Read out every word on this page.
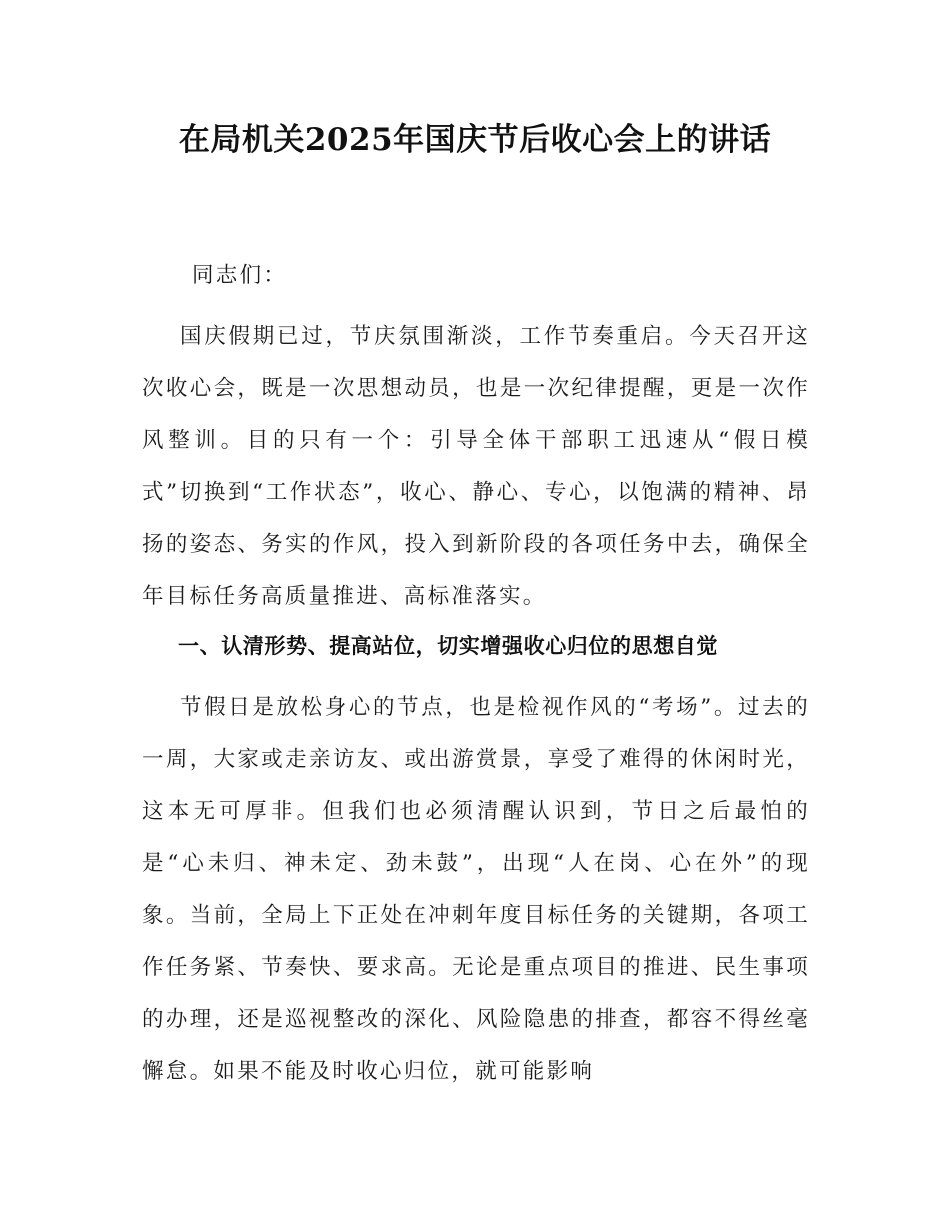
在局机关2025年国庆节后收心会上的讲话
同志们：
国庆假期已过，节庆氛围渐淡，工作节奏重启。今天召开这次收心会，既是一次思想动员，也是一次纪律提醒，更是一次作风整训。目的只有一个：引导全体干部职工迅速从“假日模式”切换到“工作状态”，收心、静心、专心，以饱满的精神、昂扬的姿态、务实的作风，投入到新阶段的各项任务中去，确保全年目标任务高质量推进、高标准落实。
一、认清形势、提高站位，切实增强收心归位的思想自觉
节假日是放松身心的节点，也是检视作风的“考场”。过去的一周，大家或走亲访友、或出游赏景，享受了难得的休闲时光，这本无可厚非。但我们也必须清醒认识到，节日之后最怕的是“心未归、神未定、劲未鼓”，出现“人在岗、心在外”的现象。当前，全局上下正处在冲刺年度目标任务的关键期，各项工作任务紧、节奏快、要求高。无论是重点项目的推进、民生事项的办理，还是巡视整改的深化、风险隐患的排查，都容不得丝毫懈怠。如果不能及时收心归位，就可能影响
